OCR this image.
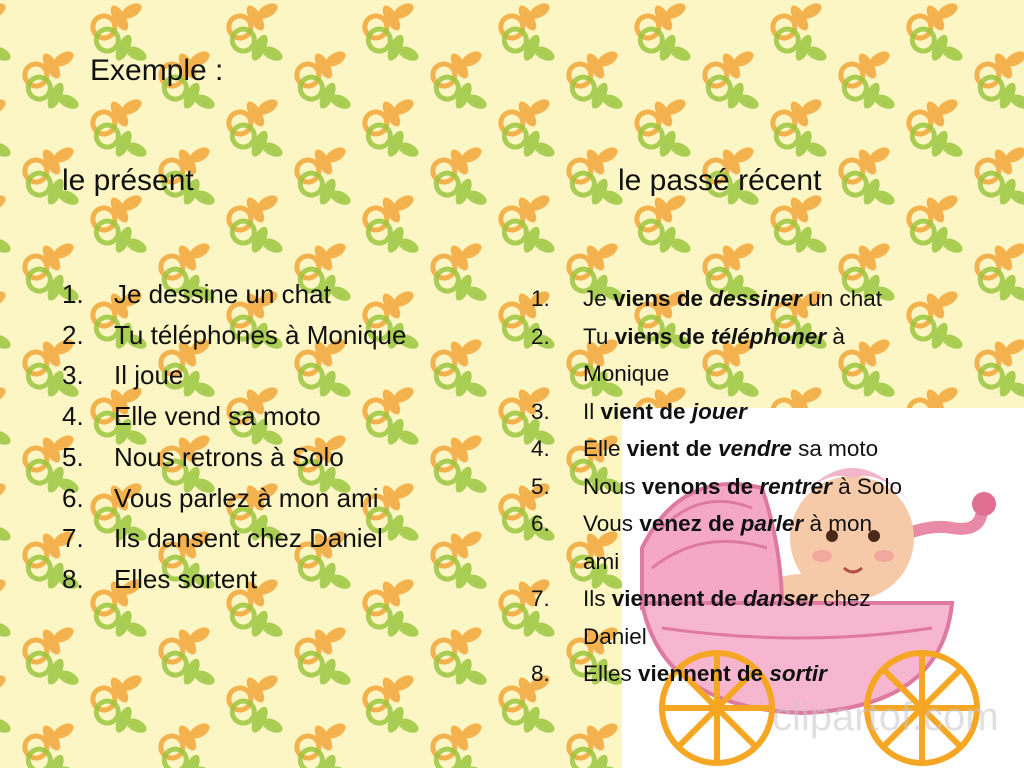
Exemple :
le présent	le passé récent
1. Je dessine un chat
2. Tu téléphones à Monique
3. Il joue
4. Elle vend sa moto
5. Nous retrons à Solo
6. Vous parlez à mon ami
7. Ils dansent chez Daniel
8. Elles sortent
clipartof.com
1. Je viens de dessiner un chat
2. Tu viens de téléphoner à
Monique
3. Il vient de jouer
4. Elle vient de vendre sa moto
5. Nous venons de rentrer à Solo
6. Vous venez de parler à mon
ami
7. Ils viennent de danser chez
Daniel
8. Elles viennent de sortir
